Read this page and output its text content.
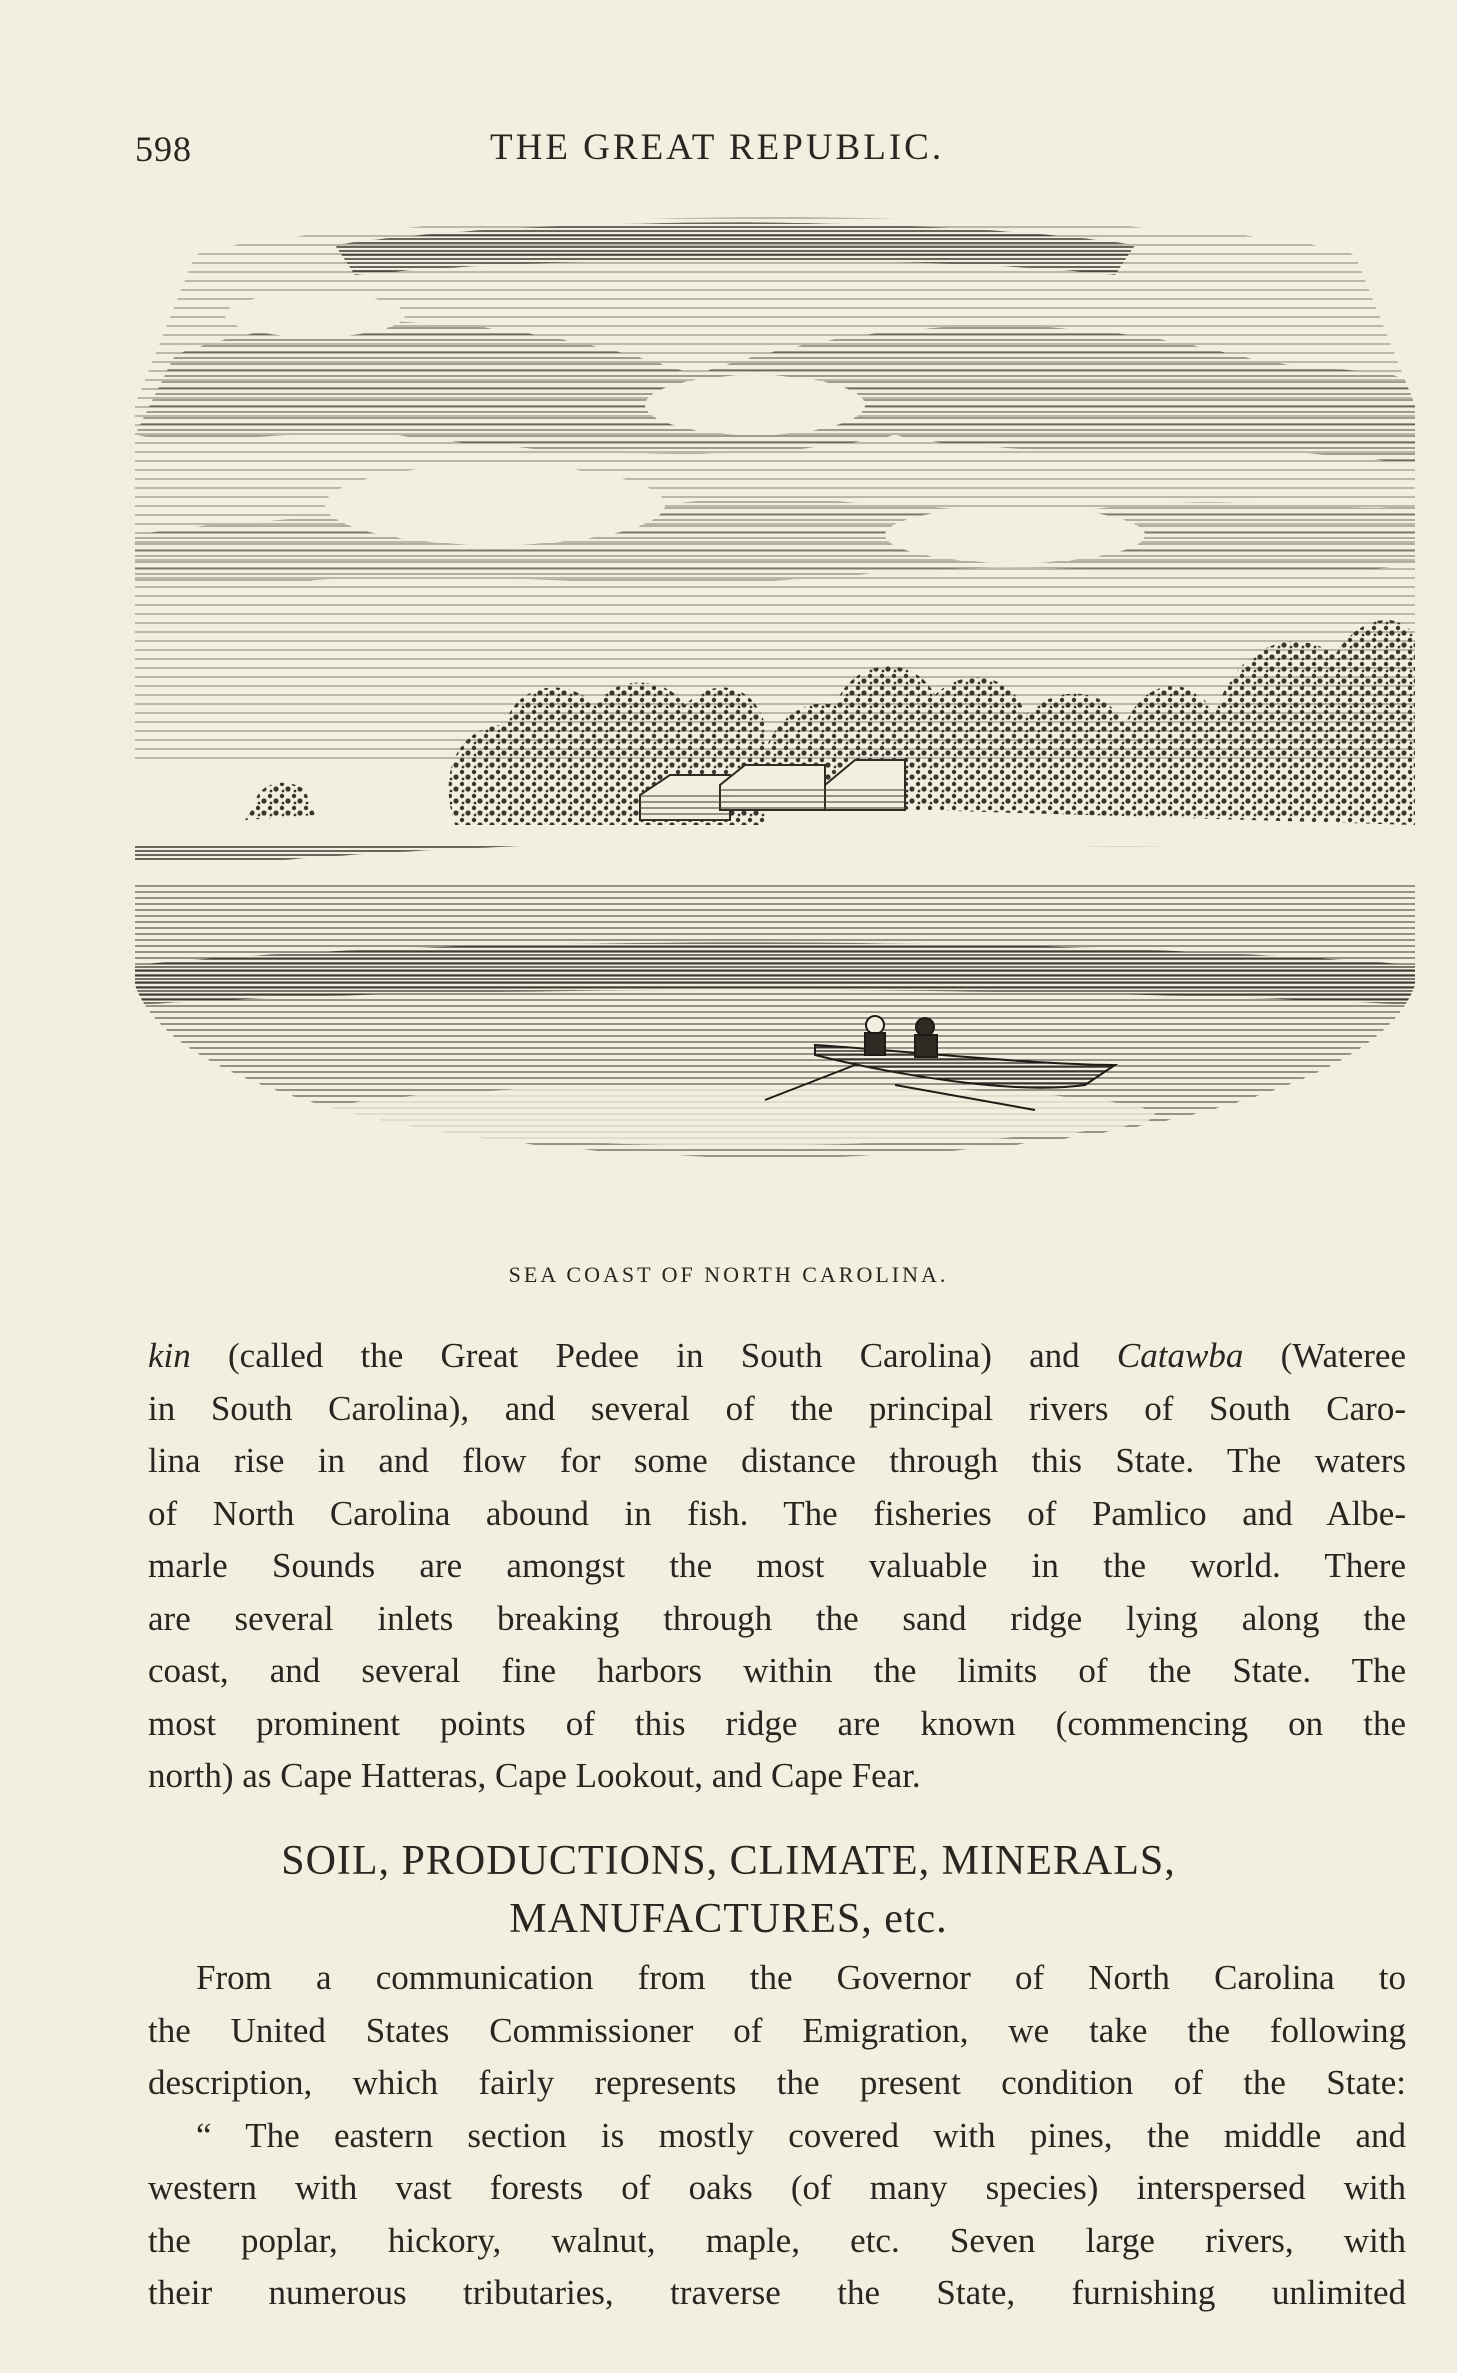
598	THE GREAT REPUBLIC.
SEA COAST OF NORTH CAROLINA.
kin (called the Great Pedee in South Carolina) and Catawba (Wateree
in South Carolina), and several of the principal rivers of South Caro-
lina rise in and flow for some distance through this State. The waters
of North Carolina abound in fish. The fisheries of Pamlico and Albe-
marle Sounds are amongst the most valuable in the world. There
are several inlets breaking through the sand ridge lying along the
coast, and several fine harbors within the limits of the State. The
most prominent points of this ridge are known (commencing on the
north) as Cape Hatteras, Cape Lookout, and Cape Fear.
SOIL, PRODUCTIONS, CLIMATE, MINERALS,
MANUFACTURES, etc.
From a communication from the Governor of North Carolina to
the United States Commissioner of Emigration, we take the following
description, which fairly represents the present condition of the State:
“ The eastern section is mostly covered with pines, the middle and
western with vast forests of oaks (of many species) interspersed with
the poplar, hickory, walnut, maple, etc. Seven large rivers, with
their numerous tributaries, traverse the State, furnishing unlimited
